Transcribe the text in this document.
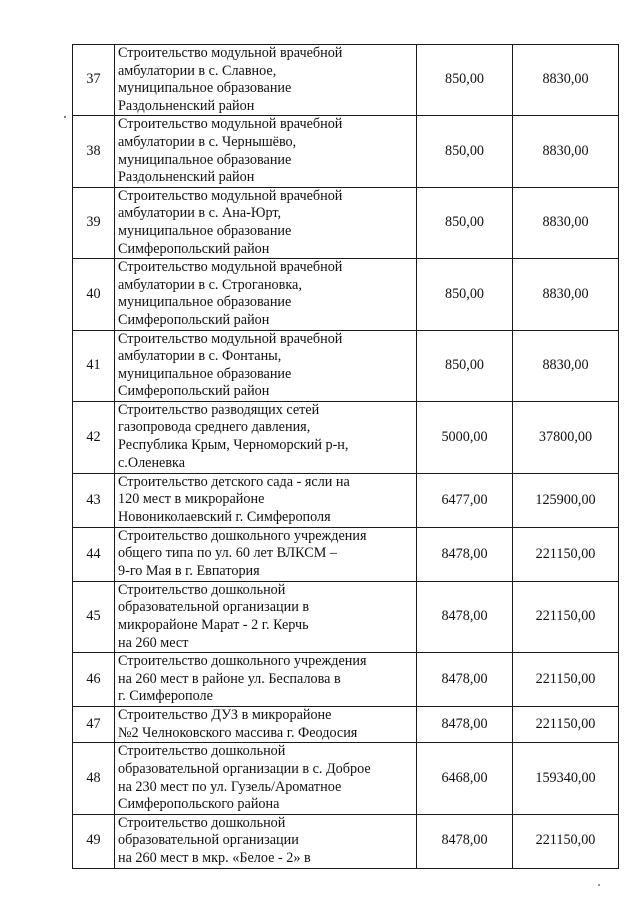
37	Строительство модульной врачебной
амбулатории в с. Славное,
муниципальное образование
Раздольненский район	850,00	8830,00
38	Строительство модульной врачебной
амбулатории в с. Чернышёво,
муниципальное образование
Раздольненский район	850,00	8830,00
39	Строительство модульной врачебной
амбулатории в с. Ана-Юрт,
муниципальное образование
Симферопольский район	850,00	8830,00
40	Строительство модульной врачебной
амбулатории в с. Строгановка,
муниципальное образование
Симферопольский район	850,00	8830,00
41	Строительство модульной врачебной
амбулатории в с. Фонтаны,
муниципальное образование
Симферопольский район	850,00	8830,00
42	Строительство разводящих сетей
газопровода среднего давления,
Республика Крым, Черноморский р-н,
с.Оленевка	5000,00	37800,00
43	Строительство детского сада - ясли на
120 мест в микрорайоне
Новониколаевский г. Симферополя	6477,00	125900,00
44	Строительство дошкольного учреждения
общего типа по ул. 60 лет ВЛКСМ –
9-го Мая в г. Евпатория	8478,00	221150,00
45	Строительство дошкольной
образовательной организации в
микрорайоне Марат - 2 г. Керчь
на 260 мест	8478,00	221150,00
46	Строительство дошкольного учреждения
на 260 мест в районе ул. Беспалова в
г. Симферополе	8478,00	221150,00
47	Строительство ДУЗ в микрорайоне
№2 Челноковского массива г. Феодосия	8478,00	221150,00
48	Строительство дошкольной
образовательной организации в с. Доброе
на 230 мест по ул. Гузель/Ароматное
Симферопольского района	6468,00	159340,00
49	Строительство дошкольной
образовательной организации
на 260 мест в мкр. «Белое - 2» в	8478,00	221150,00
